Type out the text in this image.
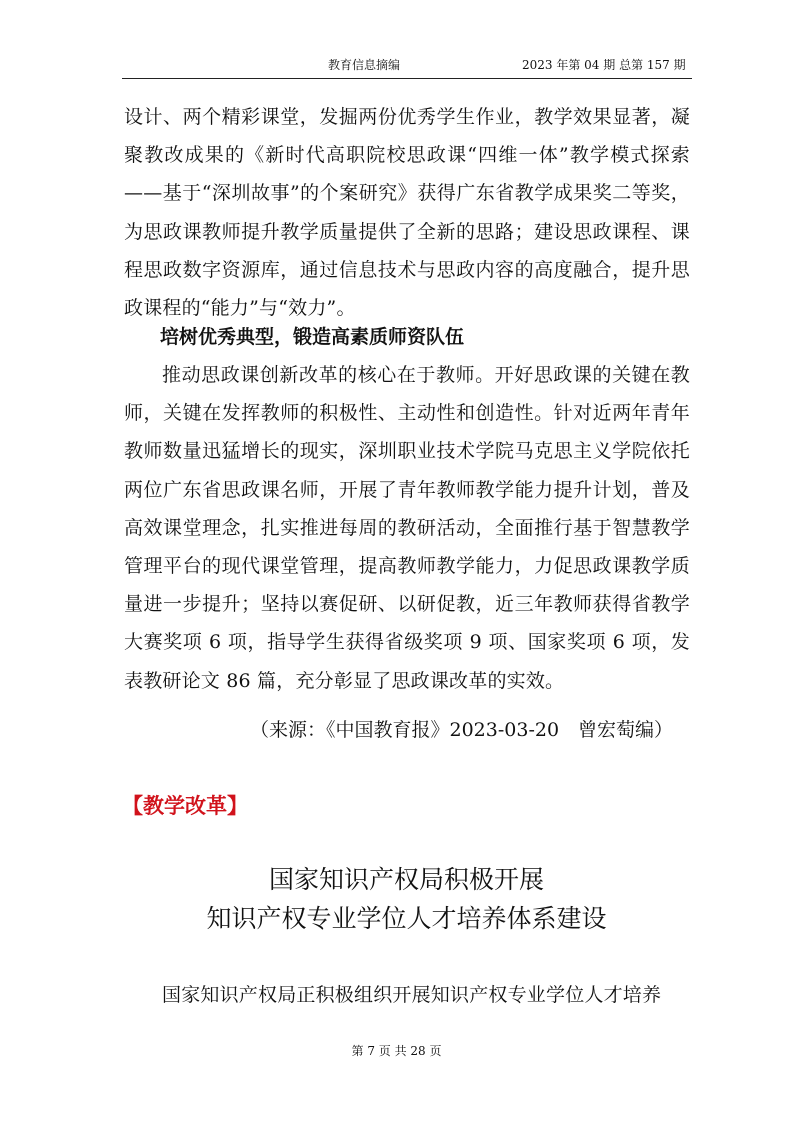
教育信息摘编	2023 年第 04 期 总第 157 期
设计、两个精彩课堂，发掘两份优秀学生作业，教学效果显著，凝聚教改成果的《新时代高职院校思政课“四维一体”教学模式探索——基于“深圳故事”的个案研究》获得广东省教学成果奖二等奖，为思政课教师提升教学质量提供了全新的思路；建设思政课程、课程思政数字资源库，通过信息技术与思政内容的高度融合，提升思政课程的“能力”与“效力”。
培树优秀典型，锻造高素质师资队伍
推动思政课创新改革的核心在于教师。开好思政课的关键在教师，关键在发挥教师的积极性、主动性和创造性。针对近两年青年教师数量迅猛增长的现实，深圳职业技术学院马克思主义学院依托两位广东省思政课名师，开展了青年教师教学能力提升计划，普及高效课堂理念，扎实推进每周的教研活动，全面推行基于智慧教学管理平台的现代课堂管理，提高教师教学能力，力促思政课教学质量进一步提升；坚持以赛促研、以研促教，近三年教师获得省教学大赛奖项 6 项，指导学生获得省级奖项 9 项、国家奖项 6 项，发表教研论文 86 篇，充分彰显了思政课改革的实效。
（来源：《中国教育报》2023-03-20　曾宏萄编）
【教学改革】
国家知识产权局积极开展
知识产权专业学位人才培养体系建设
国家知识产权局正积极组织开展知识产权专业学位人才培养
第 7 页 共 28 页
